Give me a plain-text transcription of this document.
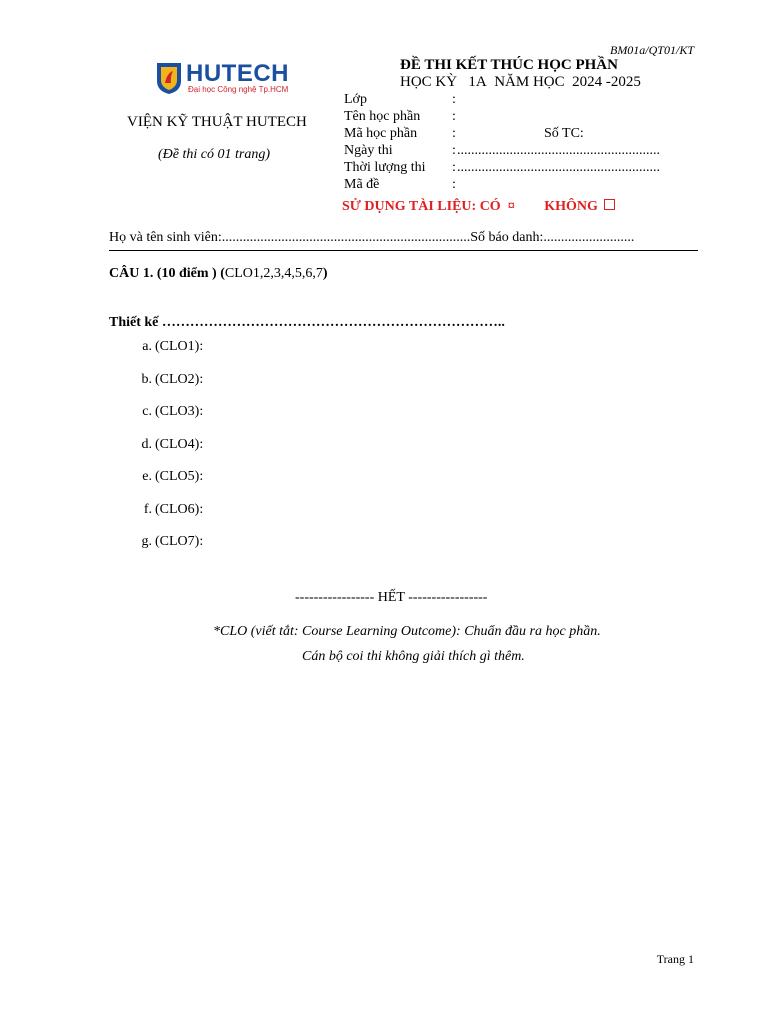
BM01a/QT01/KT
HUTECH
Đại học Công nghệ Tp.HCM
VIỆN KỸ THUẬT HUTECH
(Đề thi có 01 trang)
ĐỀ THI KẾT THÚC HỌC PHẦN
HỌC KỲ 1A NĂM HỌC 2024 -2025
Lớp	:
Tên học phần :
Mã học phần :	Số TC:
Ngày thi	: ..........................................................
Thời lượng thi : ..........................................................
Mã đề	:
SỬ DỤNG TÀI LIỆU: CÓ ¤ KHÔNG
Họ và tên sinh viên:.......................................................................Số báo danh:..........................
CÂU 1. (10 điểm ) (CLO1,2,3,4,5,6,7)
Thiết kế ………………………………………………………………..
a. (CLO1):
b. (CLO2):
c. (CLO3):
d. (CLO4):
e. (CLO5):
f. (CLO6):
g. (CLO7):
----------------- HẾT -----------------
*CLO (viết tắt: Course Learning Outcome): Chuẩn đầu ra học phần.
Cán bộ coi thi không giải thích gì thêm.
Trang 1
